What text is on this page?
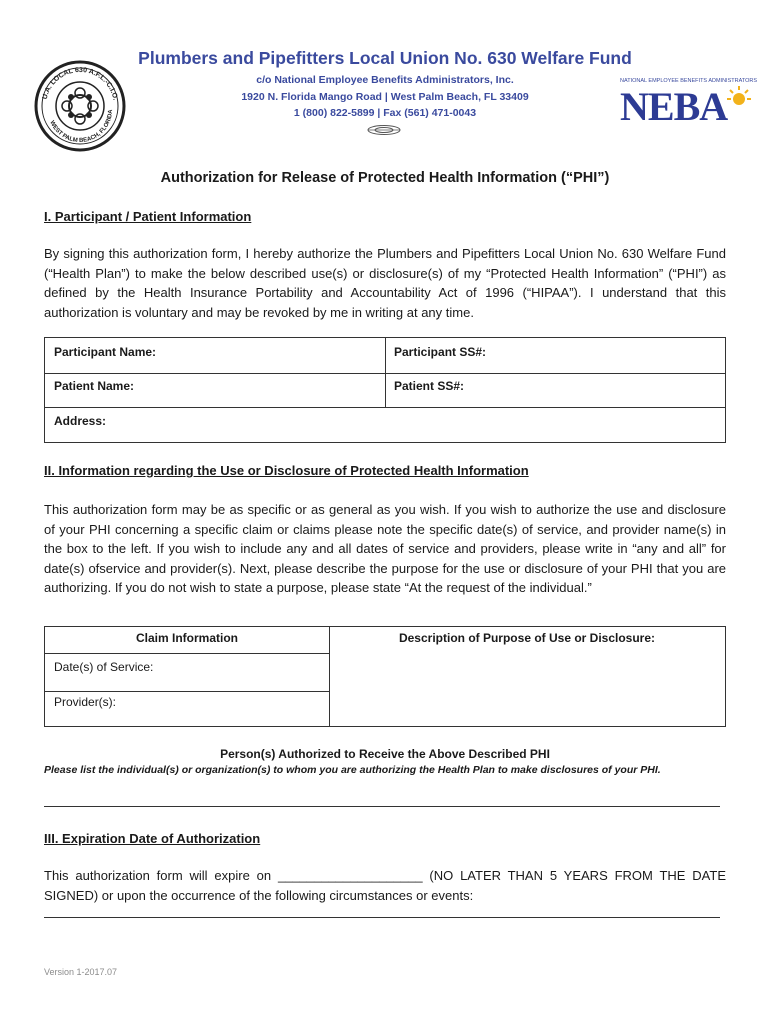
U.A. LOCAL 630 A.F.L.-C.I.O.
WEST PALM BEACH, FLORIDA
Plumbers and Pipefitters Local Union No. 630 Welfare Fund
c/o National Employee Benefits Administrators, Inc.
1920 N. Florida Mango Road | West Palm Beach, FL 33409
1 (800) 822-5899 | Fax (561) 471-0043
NATIONAL EMPLOYEE BENEFITS ADMINISTRATORS
NEBA
Authorization for Release of Protected Health Information (“PHI”)
I. Participant / Patient Information
By signing this authorization form, I hereby authorize the Plumbers and Pipefitters Local Union No. 630 Welfare Fund (“Health Plan”) to make the below described use(s) or disclosure(s) of my “Protected Health Information” (“PHI”) as defined by the Health Insurance Portability and Accountability Act of 1996 (“HIPAA”). I understand that this authorization is voluntary and may be revoked by me in writing at any time.
Participant Name:	Participant SS#:
Patient Name:	Patient SS#:
Address:
II. Information regarding the Use or Disclosure of Protected Health Information
This authorization form may be as specific or as general as you wish. If you wish to authorize the use and disclosure of your PHI concerning a specific claim or claims please note the specific date(s) of service, and provider name(s) in the box to the left. If you wish to include any and all dates of service and providers, please write in “any and all” for date(s) ofservice and provider(s). Next, please describe the purpose for the use or disclosure of your PHI that you are authorizing. If you do not wish to state a purpose, please state “At the request of the individual.”
Claim Information	Description of Purpose of Use or Disclosure:
Date(s) of Service:
Provider(s):
Person(s) Authorized to Receive the Above Described PHI
Please list the individual(s) or organization(s) to whom you are authorizing the Health Plan to make disclosures of your PHI.
III. Expiration Date of Authorization
This authorization form will expire on ____________________ (NO LATER THAN 5 YEARS FROM THE DATE SIGNED) or upon the occurrence of the following circumstances or events:
Version 1-2017.07
